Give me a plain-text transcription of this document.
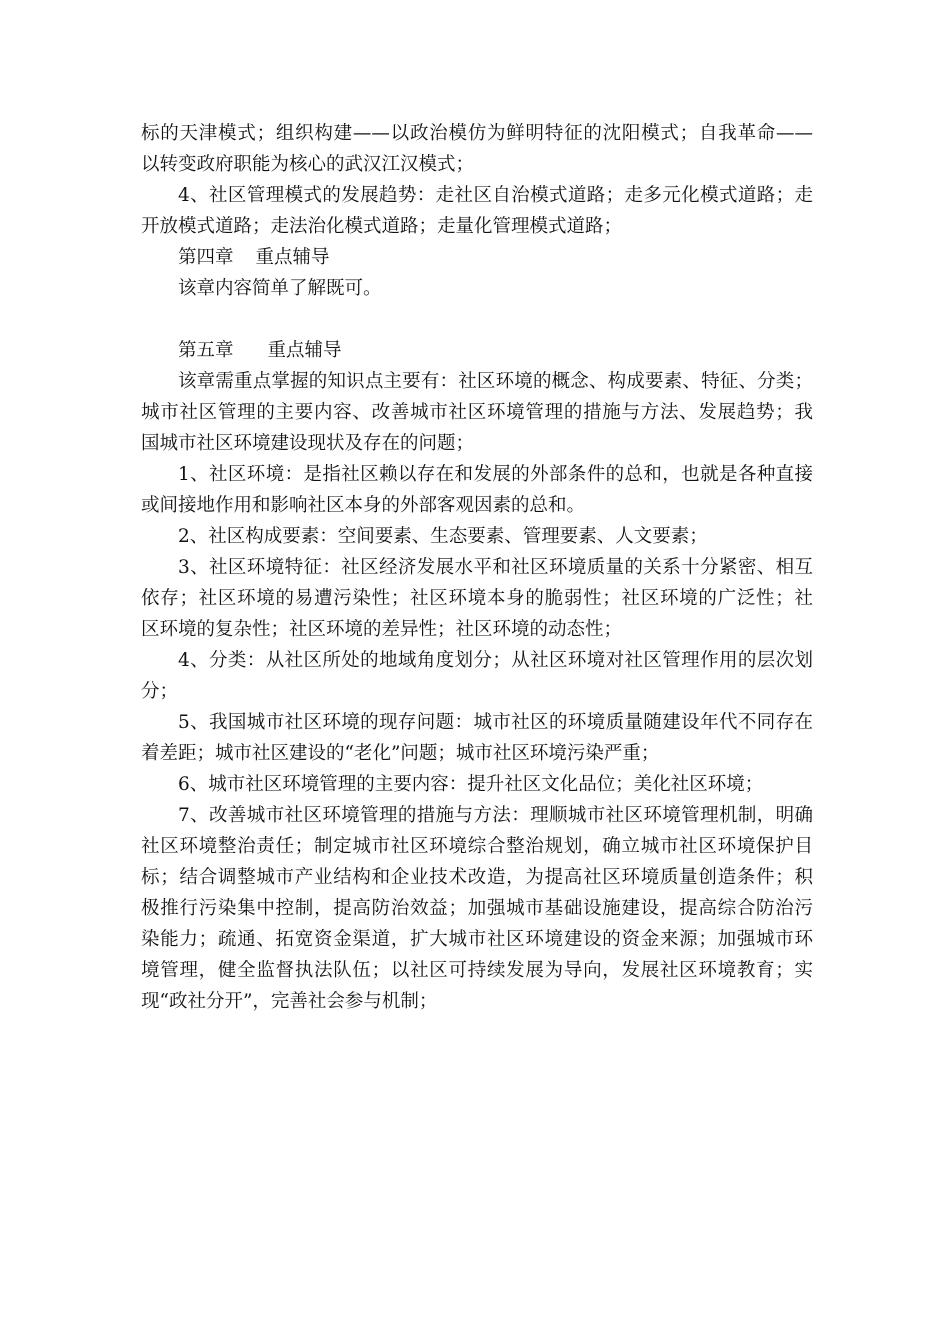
标的天津模式；组织构建——以政治模仿为鲜明特征的沈阳模式；自我革命——
以转变政府职能为核心的武汉江汉模式；
4、社区管理模式的发展趋势：走社区自治模式道路；走多元化模式道路；走
开放模式道路；走法治化模式道路；走量化管理模式道路；
第四章 重点辅导
该章内容简单了解既可。
第五章 重点辅导
该章需重点掌握的知识点主要有：社区环境的概念、构成要素、特征、分类；
城市社区管理的主要内容、改善城市社区环境管理的措施与方法、发展趋势；我
国城市社区环境建设现状及存在的问题；
1、社区环境：是指社区赖以存在和发展的外部条件的总和，也就是各种直接
或间接地作用和影响社区本身的外部客观因素的总和。
2、社区构成要素：空间要素、生态要素、管理要素、人文要素；
3、社区环境特征：社区经济发展水平和社区环境质量的关系十分紧密、相互
依存；社区环境的易遭污染性；社区环境本身的脆弱性；社区环境的广泛性；社
区环境的复杂性；社区环境的差异性；社区环境的动态性；
4、分类：从社区所处的地域角度划分；从社区环境对社区管理作用的层次划
分；
5、我国城市社区环境的现存问题：城市社区的环境质量随建设年代不同存在
着差距；城市社区建设的“老化”问题；城市社区环境污染严重；
6、城市社区环境管理的主要内容：提升社区文化品位；美化社区环境；
7、改善城市社区环境管理的措施与方法：理顺城市社区环境管理机制，明确
社区环境整治责任；制定城市社区环境综合整治规划，确立城市社区环境保护目
标；结合调整城市产业结构和企业技术改造，为提高社区环境质量创造条件；积
极推行污染集中控制，提高防治效益；加强城市基础设施建设，提高综合防治污
染能力；疏通、拓宽资金渠道，扩大城市社区环境建设的资金来源；加强城市环
境管理，健全监督执法队伍；以社区可持续发展为导向，发展社区环境教育；实
现“政社分开”，完善社会参与机制；
